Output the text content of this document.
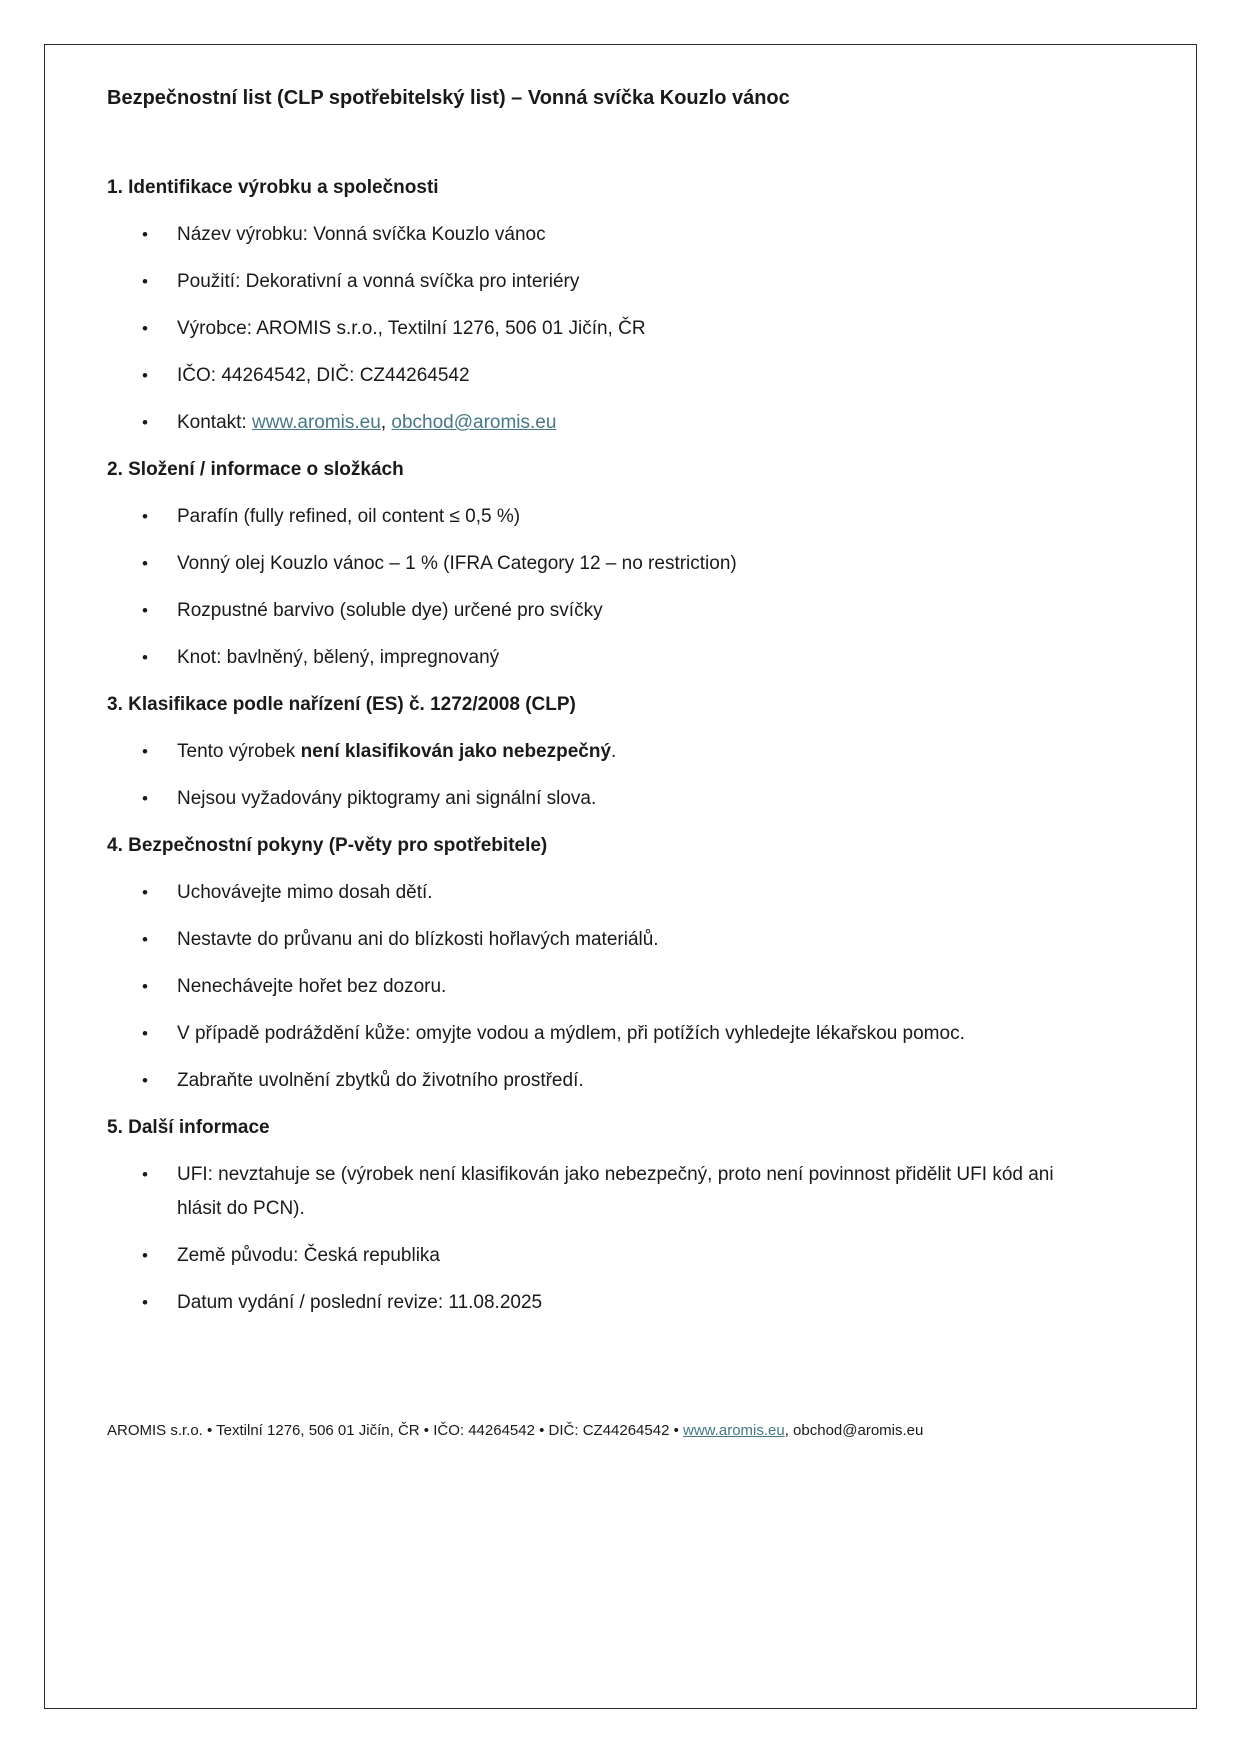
Bezpečnostní list (CLP spotřebitelský list) – Vonná svíčka Kouzlo vánoc
1. Identifikace výrobku a společnosti
• Název výrobku: Vonná svíčka Kouzlo vánoc
• Použití: Dekorativní a vonná svíčka pro interiéry
• Výrobce: AROMIS s.r.o., Textilní 1276, 506 01 Jičín, ČR
• IČO: 44264542, DIČ: CZ44264542
• Kontakt: www.aromis.eu, obchod@aromis.eu
2. Složení / informace o složkách
• Parafín (fully refined, oil content ≤ 0,5 %)
• Vonný olej Kouzlo vánoc – 1 % (IFRA Category 12 – no restriction)
• Rozpustné barvivo (soluble dye) určené pro svíčky
• Knot: bavlněný, bělený, impregnovaný
3. Klasifikace podle nařízení (ES) č. 1272/2008 (CLP)
• Tento výrobek není klasifikován jako nebezpečný.
• Nejsou vyžadovány piktogramy ani signální slova.
4. Bezpečnostní pokyny (P-věty pro spotřebitele)
• Uchovávejte mimo dosah dětí.
• Nestavte do průvanu ani do blízkosti hořlavých materiálů.
• Nenechávejte hořet bez dozoru.
• V případě podráždění kůže: omyjte vodou a mýdlem, při potížích vyhledejte lékařskou pomoc.
• Zabraňte uvolnění zbytků do životního prostředí.
5. Další informace
• UFI: nevztahuje se (výrobek není klasifikován jako nebezpečný, proto není povinnost přidělit UFI kód ani hlásit do PCN).
• Země původu: Česká republika
• Datum vydání / poslední revize: 11.08.2025
AROMIS s.r.o. • Textilní 1276, 506 01 Jičín, ČR • IČO: 44264542 • DIČ: CZ44264542 • www.aromis.eu, obchod@aromis.eu
